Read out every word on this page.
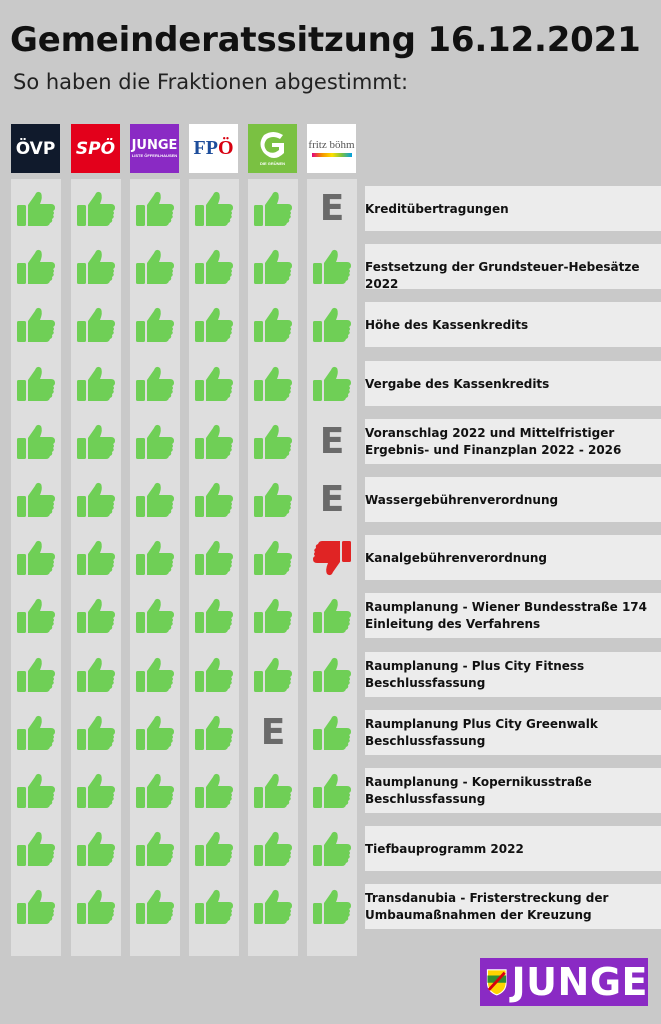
Gemeinderatssitzung 16.12.2021
So haben die Fraktionen abgestimmt:
ÖVP SPÖ JUNGE
LISTE ÖFFERLHAUSEN FPÖ
DIE GRÜNEN
fritz böhm
Kreditübertragungen
E
Festsetzung der Grundsteuer-Hebesätze 2022
Höhe des Kassenkredits
Vergabe des Kassenkredits
Voranschlag 2022 und Mittelfristiger Ergebnis- und Finanzplan 2022 - 2026
E
Wassergebührenverordnung
E
Kanalgebührenverordnung
Raumplanung - Wiener Bundesstraße 174 Einleitung des Verfahrens
Raumplanung - Plus City Fitness Beschlussfassung
Raumplanung Plus City Greenwalk Beschlussfassung
E
Raumplanung - Kopernikusstraße Beschlussfassung
Tiefbauprogramm 2022
Transdanubia - Fristerstreckung der Umbaumaßnahmen der Kreuzung
JUNGE
